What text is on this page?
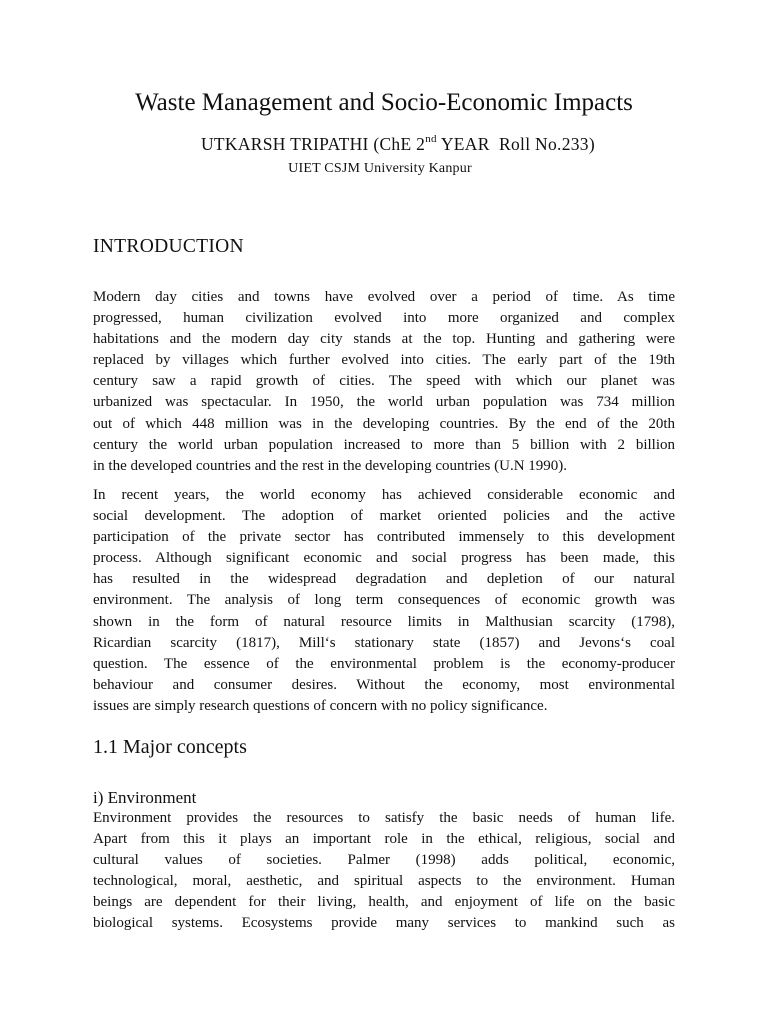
Waste Management and Socio-Economic Impacts
UTKARSH TRIPATHI (ChE 2nd YEAR  Roll No.233)
UIET CSJM University Kanpur
INTRODUCTION
Modern day cities and towns have evolved over a period of time. As time
progressed, human civilization evolved into more organized and complex
habitations and the modern day city stands at the top. Hunting and gathering were
replaced by villages which further evolved into cities. The early part of the 19th
century saw a rapid growth of cities. The speed with which our planet was
urbanized was spectacular. In 1950, the world urban population was 734 million
out of which 448 million was in the developing countries. By the end of the 20th
century the world urban population increased to more than 5 billion with 2 billion
in the developed countries and the rest in the developing countries (U.N 1990).
In recent years, the world economy has achieved considerable economic and
social development. The adoption of market oriented policies and the active
participation of the private sector has contributed immensely to this development
process. Although significant economic and social progress has been made, this
has resulted in the widespread degradation and depletion of our natural
environment. The analysis of long term consequences of economic growth was
shown in the form of natural resource limits in Malthusian scarcity (1798),
Ricardian scarcity (1817), Mill‘s stationary state (1857) and Jevons‘s coal
question. The essence of the environmental problem is the economy-producer
behaviour and consumer desires. Without the economy, most environmental
issues are simply research questions of concern with no policy significance.
1.1 Major concepts
i) Environment
Environment provides the resources to satisfy the basic needs of human life.
Apart from this it plays an important role in the ethical, religious, social and
cultural values of societies. Palmer (1998) adds political, economic,
technological, moral, aesthetic, and spiritual aspects to the environment. Human
beings are dependent for their living, health, and enjoyment of life on the basic
biological systems. Ecosystems provide many services to mankind such as
